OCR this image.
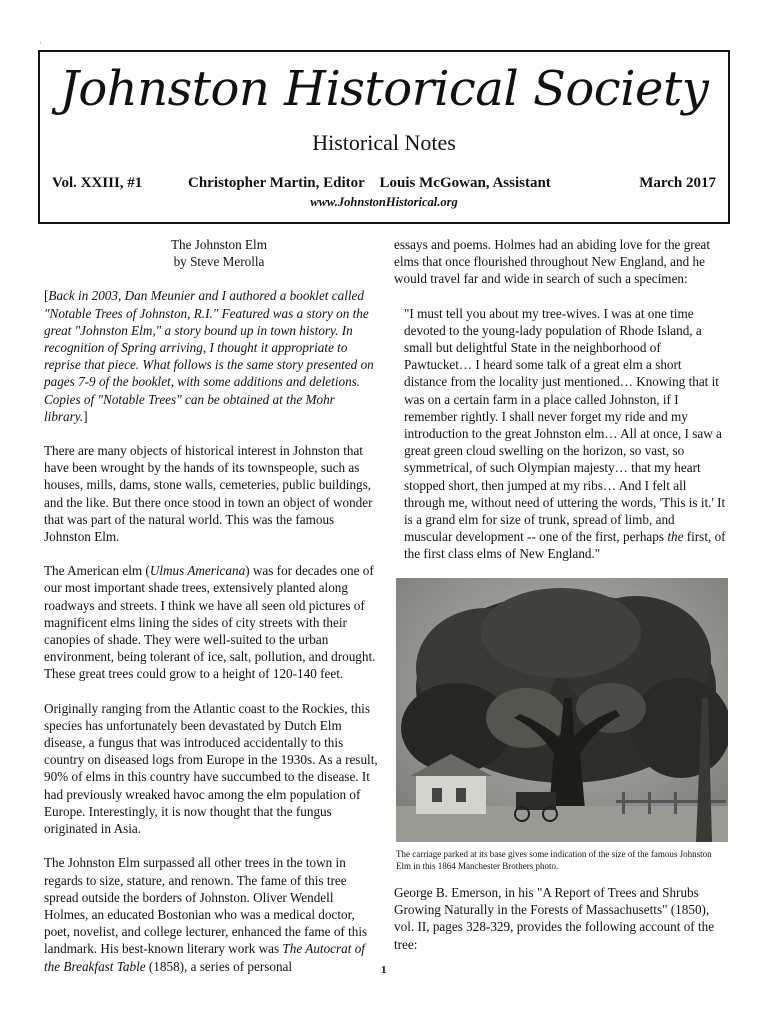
'
Johnston Historical Society
Historical Notes
Vol. XXIII, #1	Christopher Martin, Editor    Louis McGowan, Assistant	March 2017
www.JohnstonHistorical.org

The Johnston Elm

by Steve Merolla

[Back in 2003, Dan Meunier and I authored a booklet called "Notable Trees of Johnston, R.I." Featured was a story on the great "Johnston Elm," a story bound up in town history. In recognition of Spring arriving, I thought it appropriate to reprise that piece. What follows is the same story presented on pages 7-9 of the booklet, with some additions and deletions. Copies of "Notable Trees" can be obtained at the Mohr library.]

There are many objects of historical interest in Johnston that have been wrought by the hands of its townspeople, such as houses, mills, dams, stone walls, cemeteries, public buildings, and the like. But there once stood in town an object of wonder that was part of the natural world. This was the famous Johnston Elm.

The American elm (Ulmus Americana) was for decades one of our most important shade trees, extensively planted along roadways and streets. I think we have all seen old pictures of magnificent elms lining the sides of city streets with their canopies of shade. They were well-suited to the urban environment, being tolerant of ice, salt, pollution, and drought. These great trees could grow to a height of 120-140 feet.

Originally ranging from the Atlantic coast to the Rockies, this species has unfortunately been devastated by Dutch Elm disease, a fungus that was introduced accidentally to this country on diseased logs from Europe in the 1930s. As a result, 90% of elms in this country have succumbed to the disease. It had previously wreaked havoc among the elm population of Europe. Interestingly, it is now thought that the fungus originated in Asia.

The Johnston Elm surpassed all other trees in the town in regards to size, stature, and renown. The fame of this tree spread outside the borders of Johnston. Oliver Wendell Holmes, an educated Bostonian who was a medical doctor, poet, novelist, and college lecturer, enhanced the fame of this landmark. His best-known literary work was The Autocrat of the Breakfast Table (1858), a series of personal

essays and poems. Holmes had an abiding love for the great elms that once flourished throughout New England, and he would travel far and wide in search of such a specimen:

"I must tell you about my tree-wives. I was at one time devoted to the young-lady population of Rhode Island, a small but delightful State in the neighborhood of Pawtucket… I heard some talk of a great elm a short distance from the locality just mentioned… Knowing that it was on a certain farm in a place called Johnston, if I remember rightly. I shall never forget my ride and my introduction to the great Johnston elm… All at once, I saw a great green cloud swelling on the horizon, so vast, so symmetrical, of such Olympian majesty… that my heart stopped short, then jumped at my ribs… And I felt all through me, without need of uttering the words, 'This is it.' It is a grand elm for size of trunk, spread of limb, and muscular development -- one of the first, perhaps the first, of the first class elms of New England."

The carriage parked at its base gives some indication of the size of the famous Johnston Elm in this 1864 Manchester Brothers photo.

George B. Emerson, in his "A Report of Trees and Shrubs Growing Naturally in the Forests of Massachusetts" (1850), vol. II, pages 328-329, provides the following account of the tree:

1
